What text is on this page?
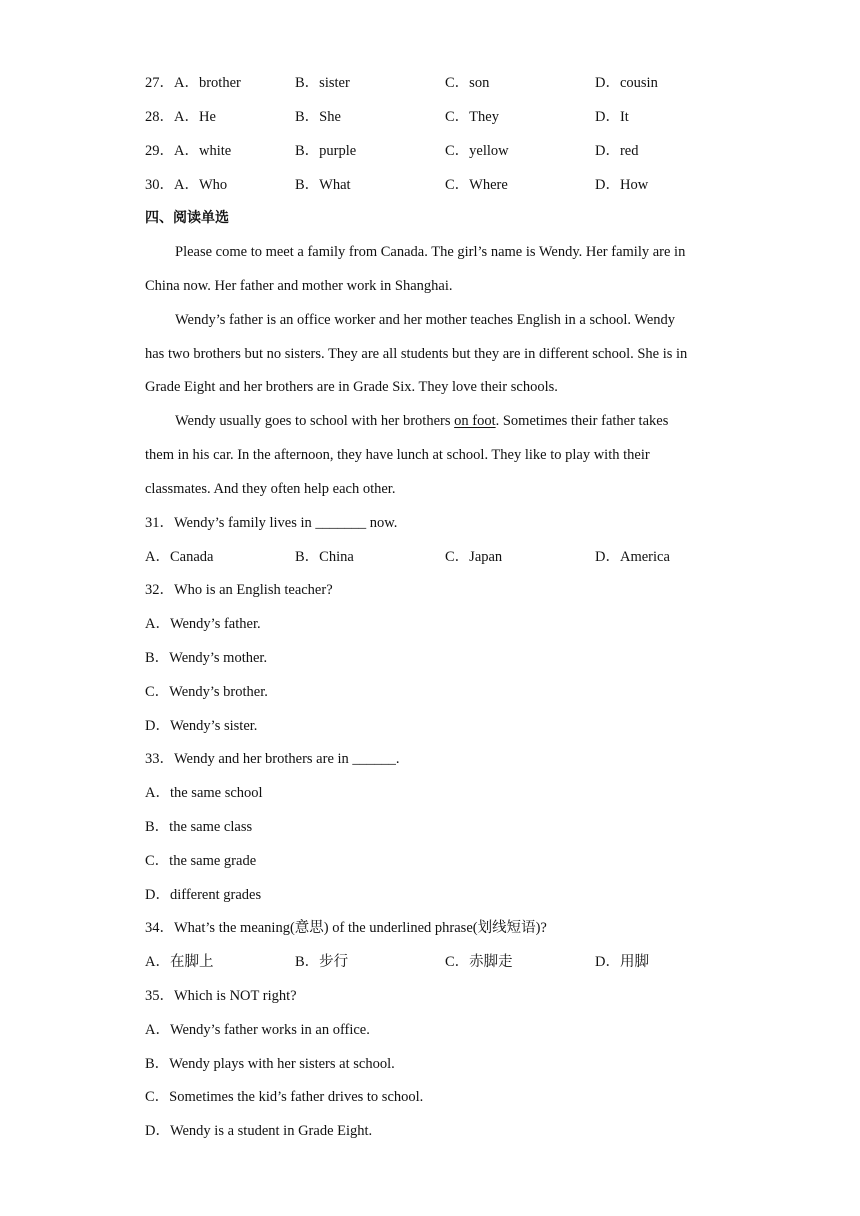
27．A．brother	B．sister	C．son	D．cousin
28．A．He	B．She	C．They	D．It
29．A．white	B．purple	C．yellow	D．red
30．A．Who	B．What	C．Where	D．How
四、阅读单选
Please come to meet a family from Canada. The girl’s name is Wendy. Her family are in
China now. Her father and mother work in Shanghai.
Wendy’s father is an office worker and her mother teaches English in a school. Wendy
has two brothers but no sisters. They are all students but they are in different school. She is in
Grade Eight and her brothers are in Grade Six. They love their schools.
Wendy usually goes to school with her brothers on foot. Sometimes their father takes
them in his car. In the afternoon, they have lunch at school. They like to play with their
classmates. And they often help each other.
31．Wendy’s family lives in _______ now.
A．Canada	B．China	C．Japan	D．America
32．Who is an English teacher?
A．Wendy’s father.
B．Wendy’s mother.
C．Wendy’s brother.
D．Wendy’s sister.
33．Wendy and her brothers are in ______.
A．the same school
B．the same class
C．the same grade
D．different grades
34．What’s the meaning(意思) of the underlined phrase(划线短语)?
A．在脚上	B．步行	C．赤脚走	D．用脚
35．Which is NOT right?
A．Wendy’s father works in an office.
B．Wendy plays with her sisters at school.
C．Sometimes the kid’s father drives to school.
D．Wendy is a student in Grade Eight.
